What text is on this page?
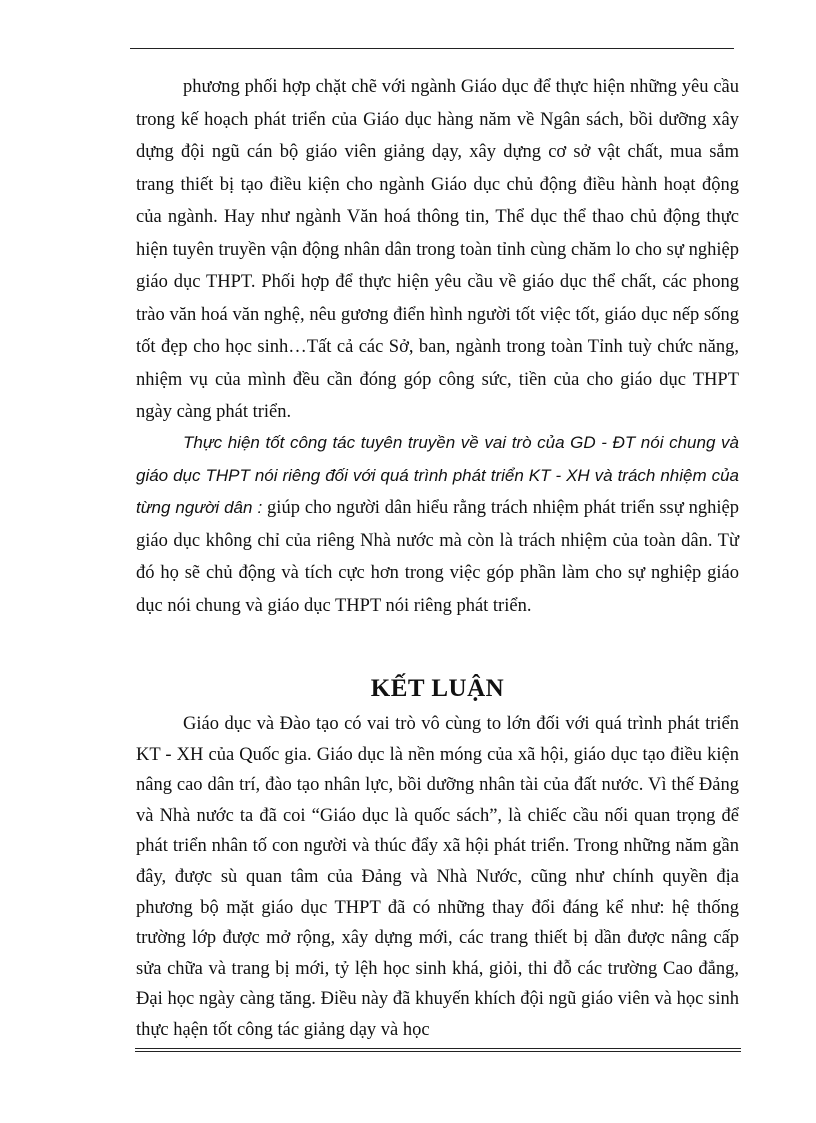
phương phối hợp chặt chẽ với ngành Giáo dục để thực hiện những yêu cầu trong kế hoạch phát triển của Giáo dục hàng năm về Ngân sách, bồi dưỡng xây dựng đội ngũ cán bộ giáo viên giảng dạy, xây dựng cơ sở vật chất, mua sắm trang thiết bị tạo điều kiện cho ngành Giáo dục chủ động điều hành hoạt động của ngành. Hay như ngành Văn hoá thông tin, Thể dục thể thao chủ động thực hiện tuyên truyền vận động nhân dân trong toàn tỉnh cùng chăm lo cho sự nghiệp giáo dục THPT. Phối hợp để thực hiện yêu cầu về giáo dục thể chất, các phong trào văn hoá văn nghệ, nêu gương điển hình người tốt việc tốt, giáo dục nếp sống tốt đẹp cho học sinh…Tất cả các Sở, ban, ngành trong toàn Tỉnh tuỳ chức năng, nhiệm vụ của mình đều cần đóng góp công sức, tiền của cho giáo dục THPT ngày càng phát triển.

Thực hiện tốt công tác tuyên truyền về vai trò của GD - ĐT nói chung và giáo dục THPT nói riêng đối với quá trình phát triển KT - XH và trách nhiệm của từng người dân : giúp cho người dân hiểu rằng trách nhiệm phát triển ssự nghiệp giáo dục không chỉ của riêng Nhà nước mà còn là trách nhiệm của toàn dân. Từ đó họ sẽ chủ động và tích cực hơn trong việc góp phần làm cho sự nghiệp giáo dục nói chung và giáo dục THPT nói riêng phát triển.

KẾT LUẬN

Giáo dục và Đào tạo có vai trò vô cùng to lớn đối với quá trình phát triển KT - XH của Quốc gia. Giáo dục là nền móng của xã hội, giáo dục tạo điều kiện nâng cao dân trí, đào tạo nhân lực, bồi dưỡng nhân tài của đất nước. Vì thế Đảng và Nhà nước ta đã coi “Giáo dục là quốc sách”, là chiếc cầu nối quan trọng để phát triển nhân tố con người và thúc đẩy xã hội phát triển. Trong những năm gần đây, được sù quan tâm của Đảng và Nhà Nước, cũng như chính quyền địa phương bộ mặt giáo dục THPT đã có những thay đổi đáng kể như: hệ thống trường lớp được mở rộng, xây dựng mới, các trang thiết bị dần được nâng cấp sửa chữa và trang bị mới, tỷ lệh học sinh khá, giỏi, thi đỗ các trường Cao đẳng, Đại học ngày càng tăng. Điều này đã khuyến khích đội ngũ giáo viên và học sinh thực hạện tốt công tác giảng dạy và học
